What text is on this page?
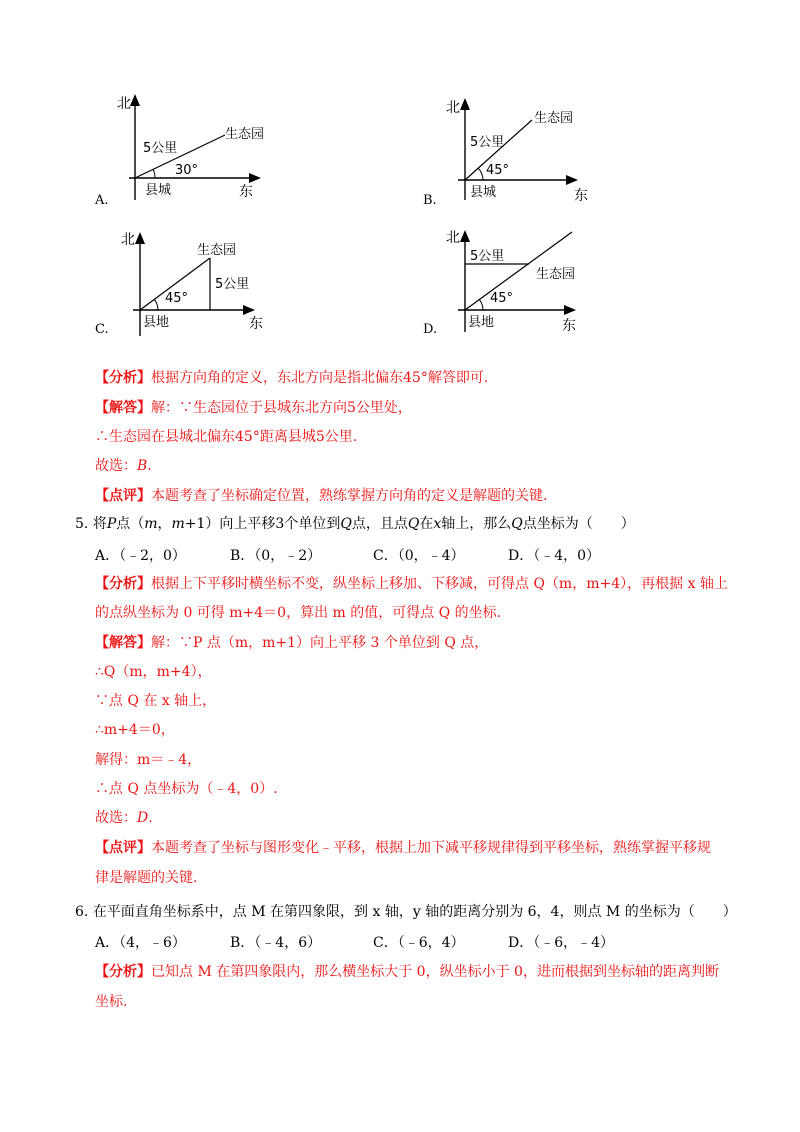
北
5公里
生态园
30°
县城	东
A.
北
5公里
生态园
45°
县城	东
B.
北
生态园
5公里
45°
县地	东
C.
北
5公里
生态园
45°
县地	东
D.
【分析】根据方向角的定义，东北方向是指北偏东45°解答即可.
【解答】解：∵生态园位于县城东北方向5公里处，
∴生态园在县城北偏东45°距离县城5公里.
故选：B.
【点评】本题考查了坐标确定位置，熟练掌握方向角的定义是解题的关键.
5. 将P点（m，m+1）向上平移3个单位到Q点，且点Q在x轴上，那么Q点坐标为（　　）
A．（﹣2，0）	B．（0，﹣2）	C．（0，﹣4）	D．（﹣4，0）
【分析】根据上下平移时横坐标不变，纵坐标上移加、下移减，可得点 Q（m，m+4），再根据 x 轴上
的点纵坐标为 0 可得 m+4＝0，算出 m 的值，可得点 Q 的坐标.
【解答】解：∵P 点（m，m+1）向上平移 3 个单位到 Q 点，
∴Q（m，m+4），
∵点 Q 在 x 轴上，
∴m+4＝0，
解得：m＝﹣4，
∴点 Q 点坐标为（﹣4，0）.
故选：D.
【点评】本题考查了坐标与图形变化﹣平移，根据上加下减平移规律得到平移坐标，熟练掌握平移规
律是解题的关键.
6. 在平面直角坐标系中，点 M 在第四象限，到 x 轴，y 轴的距离分别为 6，4，则点 M 的坐标为（　　）
A．（4，﹣6）	B．（﹣4，6）	C．（﹣6，4）	D．（﹣6，﹣4）
【分析】已知点 M 在第四象限内，那么横坐标大于 0，纵坐标小于 0，进而根据到坐标轴的距离判断
坐标.
